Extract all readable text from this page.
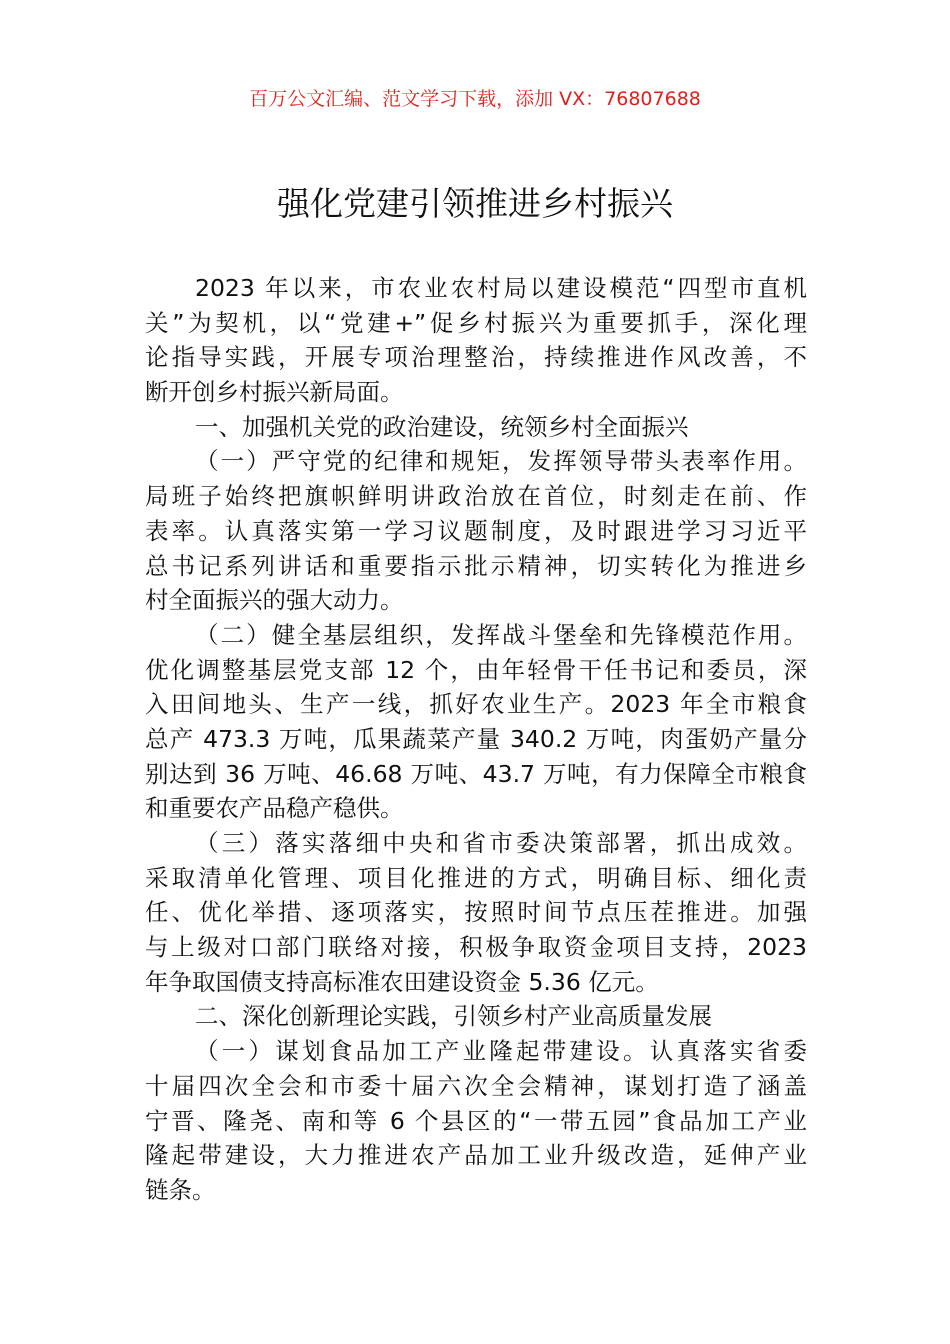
百万公文汇编、范文学习下载，添加 VX：76807688
强化党建引领推进乡村振兴
2023 年以来，市农业农村局以建设模范“四型市直机
关”为契机，以“党建+”促乡村振兴为重要抓手，深化理
论指导实践，开展专项治理整治，持续推进作风改善，不
断开创乡村振兴新局面。
一、加强机关党的政治建设，统领乡村全面振兴
（一）严守党的纪律和规矩，发挥领导带头表率作用。
局班子始终把旗帜鲜明讲政治放在首位，时刻走在前、作
表率。认真落实第一学习议题制度，及时跟进学习习近平
总书记系列讲话和重要指示批示精神，切实转化为推进乡
村全面振兴的强大动力。
（二）健全基层组织，发挥战斗堡垒和先锋模范作用。
优化调整基层党支部 12 个，由年轻骨干任书记和委员，深
入田间地头、生产一线，抓好农业生产。2023 年全市粮食
总产 473.3 万吨，瓜果蔬菜产量 340.2 万吨，肉蛋奶产量分
别达到 36 万吨、46.68 万吨、43.7 万吨，有力保障全市粮食
和重要农产品稳产稳供。
（三）落实落细中央和省市委决策部署，抓出成效。
采取清单化管理、项目化推进的方式，明确目标、细化责
任、优化举措、逐项落实，按照时间节点压茬推进。加强
与上级对口部门联络对接，积极争取资金项目支持，2023
年争取国债支持高标准农田建设资金 5.36 亿元。
二、深化创新理论实践，引领乡村产业高质量发展
（一）谋划食品加工产业隆起带建设。认真落实省委
十届四次全会和市委十届六次全会精神，谋划打造了涵盖
宁晋、隆尧、南和等 6 个县区的“一带五园”食品加工产业
隆起带建设，大力推进农产品加工业升级改造，延伸产业
链条。
